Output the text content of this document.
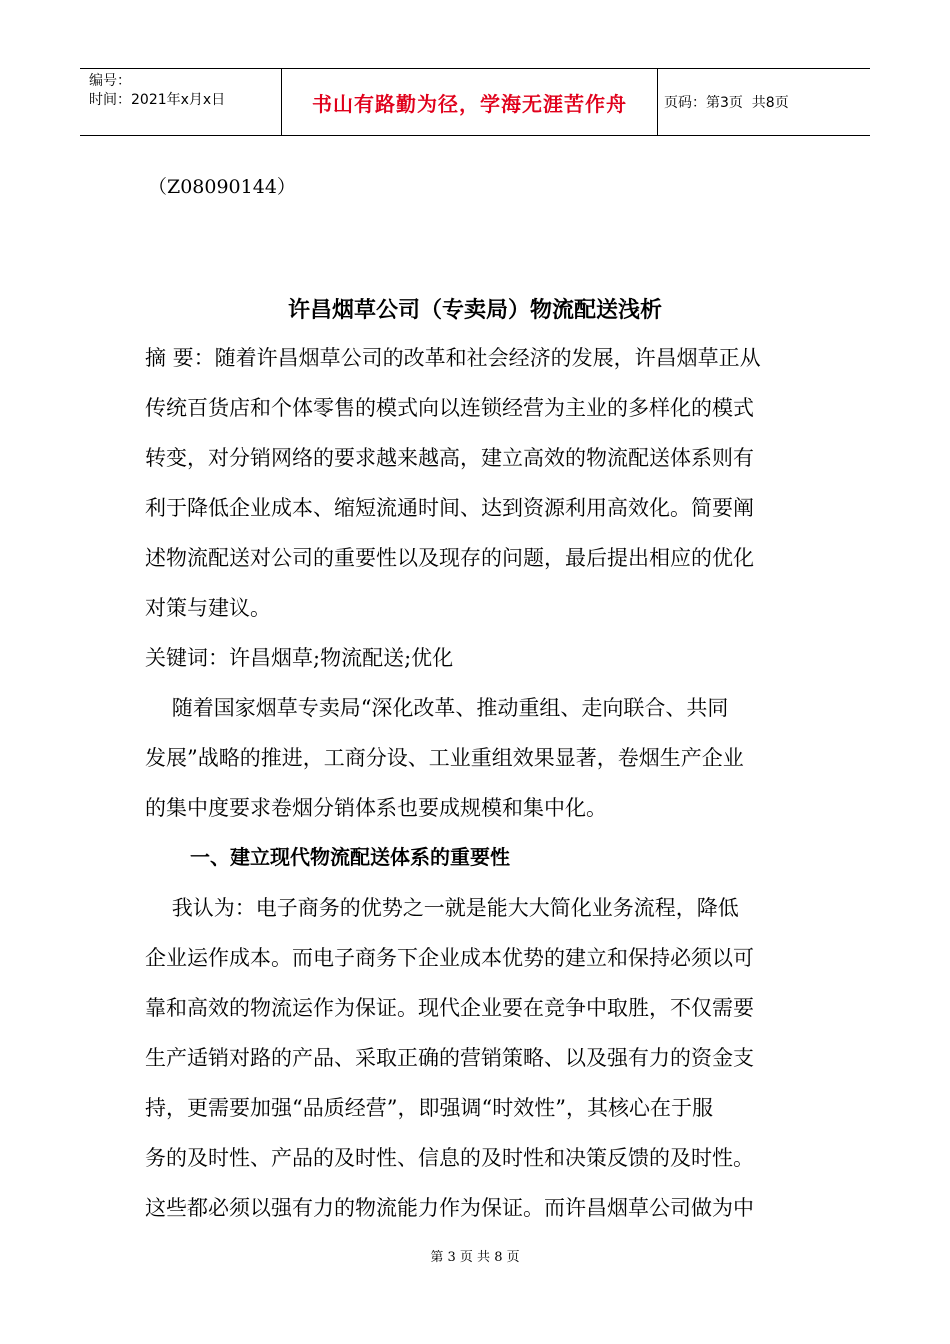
编号：
时间：2021年x月x日	书山有路勤为径，学海无涯苦作舟	页码：第3页  共8页
（Z08090144）
许昌烟草公司（专卖局）物流配送浅析
摘 要：随着许昌烟草公司的改革和社会经济的发展，许昌烟草正从
传统百货店和个体零售的模式向以连锁经营为主业的多样化的模式
转变，对分销网络的要求越来越高，建立高效的物流配送体系则有
利于降低企业成本、缩短流通时间、达到资源利用高效化。简要阐
述物流配送对公司的重要性以及现存的问题，最后提出相应的优化
对策与建议。
关键词：许昌烟草;物流配送;优化
随着国家烟草专卖局“深化改革、推动重组、走向联合、共同
发展”战略的推进，工商分设、工业重组效果显著，卷烟生产企业
的集中度要求卷烟分销体系也要成规模和集中化。
一、建立现代物流配送体系的重要性
我认为：电子商务的优势之一就是能大大简化业务流程，降低
企业运作成本。而电子商务下企业成本优势的建立和保持必须以可
靠和高效的物流运作为保证。现代企业要在竞争中取胜，不仅需要
生产适销对路的产品、采取正确的营销策略、以及强有力的资金支
持，更需要加强“品质经营”，即强调“时效性”，其核心在于服
务的及时性、产品的及时性、信息的及时性和决策反馈的及时性。
这些都必须以强有力的物流能力作为保证。而许昌烟草公司做为中
第 3 页 共 8 页
